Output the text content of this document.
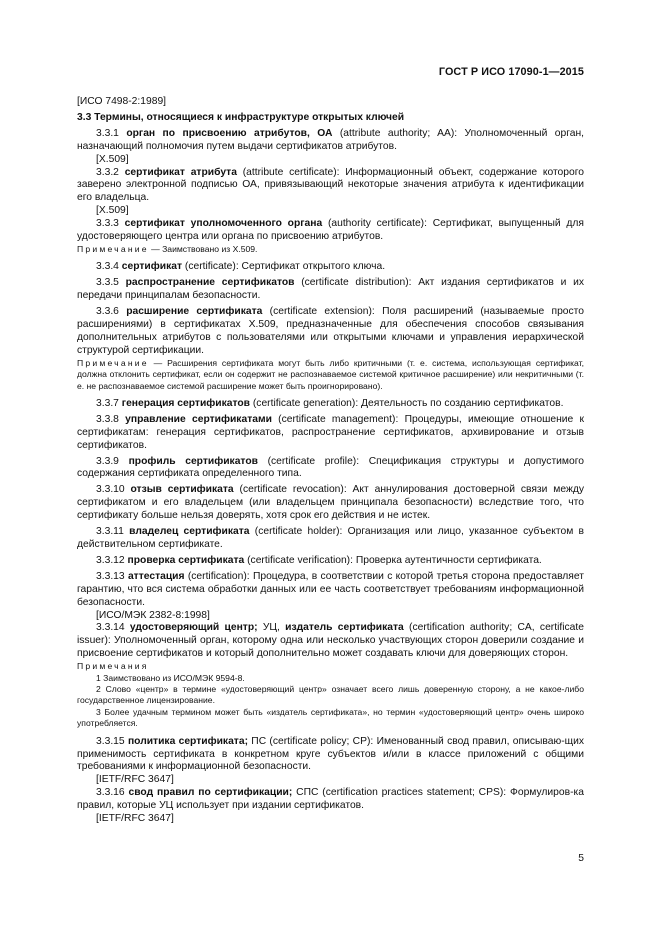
ГОСТ Р ИСО 17090-1—2015

[ИСО 7498-2:1989]

3.3 Термины, относящиеся к инфраструктуре открытых ключей

3.3.1 орган по присвоению атрибутов, ОА (attribute authority; AA): Уполномоченный орган, назначающий полномочия путем выдачи сертификатов атрибутов.

[X.509]

3.3.2 сертификат атрибута (attribute certificate): Информационный объект, содержание которого заверено электронной подписью ОА, привязывающий некоторые значения атрибута к идентификации его владельца.

[X.509]

3.3.3 сертификат уполномоченного органа (authority certificate): Сертификат, выпущенный для удостоверяющего центра или органа по присвоению атрибутов.

Примечание — Заимствовано из X.509.

3.3.4 сертификат (certificate): Сертификат открытого ключа.

3.3.5 распространение сертификатов (certificate distribution): Акт издания сертификатов и их передачи принципалам безопасности.

3.3.6 расширение сертификата (certificate extension): Поля расширений (называемые просто расширениями) в сертификатах X.509, предназначенные для обеспечения способов связывания дополнительных атрибутов с пользователями или открытыми ключами и управления иерархической структурой сертификации.

Примечание — Расширения сертификата могут быть либо критичными (т. е. система, использующая сертификат, должна отклонить сертификат, если он содержит не распознаваемое системой критичное расширение) или некритичными (т. е. не распознаваемое системой расширение может быть проигнорировано).

3.3.7 генерация сертификатов (certificate generation): Деятельность по созданию сертификатов.

3.3.8 управление сертификатами (certificate management): Процедуры, имеющие отношение к сертификатам: генерация сертификатов, распространение сертификатов, архивирование и отзыв сертификатов.

3.3.9 профиль сертификатов (certificate profile): Спецификация структуры и допустимого содержания сертификата определенного типа.

3.3.10 отзыв сертификата (certificate revocation): Акт аннулирования достоверной связи между сертификатом и его владельцем (или владельцем принципала безопасности) вследствие того, что сертификату больше нельзя доверять, хотя срок его действия и не истек.

3.3.11 владелец сертификата (certificate holder): Организация или лицо, указанное субъектом в действительном сертификате.

3.3.12 проверка сертификата (certificate verification): Проверка аутентичности сертификата.

3.3.13 аттестация (certification): Процедура, в соответствии с которой третья сторона предоставляет гарантию, что вся система обработки данных или ее часть соответствует требованиям информационной безопасности.

[ИСО/МЭК 2382-8:1998]

3.3.14 удостоверяющий центр; УЦ, издатель сертификата (certification authority; CA, certificate issuer): Уполномоченный орган, которому одна или несколько участвующих сторон доверили создание и присвоение сертификатов и который дополнительно может создавать ключи для доверяющих сторон.

Примечания

1 Заимствовано из ИСО/МЭК 9594-8.

2 Слово «центр» в термине «удостоверяющий центр» означает всего лишь доверенную сторону, а не какое-либо государственное лицензирование.

3 Более удачным термином может быть «издатель сертификата», но термин «удостоверяющий центр» очень широко употребляется.

3.3.15 политика сертификата; ПС (certificate policy; CP): Именованный свод правил, описываю-щих применимость сертификата в конкретном круге субъектов и/или в классе приложений с общими требованиями к информационной безопасности.

[IETF/RFC 3647]

3.3.16 свод правил по сертификации; СПС (certification practices statement; CPS): Формулиров-ка правил, которые УЦ использует при издании сертификатов.

[IETF/RFC 3647]

5
